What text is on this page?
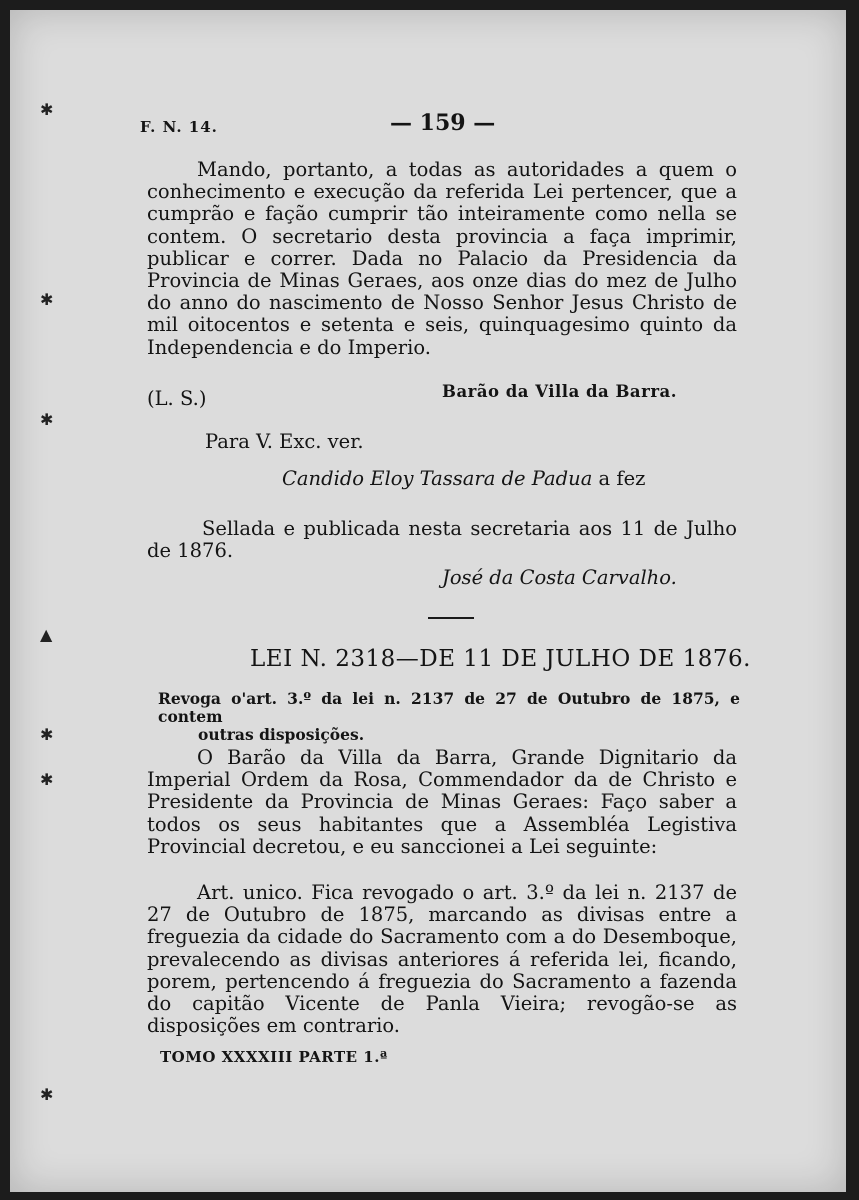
✱
✱
✱
▲
✱
✱
✱
F. N. 14.	— 159 —
Mando, portanto, a todas as autoridades a quem o conhecimento e execução da referida Lei pertencer, que a cumprão e fação cumprir tão inteiramente como nella se contem. O secretario desta provincia a faça imprimir, publicar e correr. Dada no Palacio da Presidencia da Provincia de Minas Geraes, aos onze dias do mez de Julho do anno do nascimento de Nosso Senhor Jesus Christo de mil oitocentos e setenta e seis, quinquagesimo quinto da Independencia e do Imperio.
(L. S.)	Barão da Villa da Barra.
Para V. Exc. ver.
Candido Eloy Tassara de Padua a fez
Sellada e publicada nesta secretaria aos 11 de Julho de 1876.
José da Costa Carvalho.
LEI N. 2318—DE 11 DE JULHO DE 1876.
Revoga o'art. 3.º da lei n. 2137 de 27 de Outubro de 1875, e contem
outras disposições.
O Barão da Villa da Barra, Grande Dignitario da Imperial Ordem da Rosa, Commendador da de Christo e Presidente da Provincia de Minas Geraes: Faço saber a todos os seus habitantes que a Assembléa Legistiva Provincial decretou, e eu sanccionei a Lei seguinte:
Art. unico. Fica revogado o art. 3.º da lei n. 2137 de 27 de Outubro de 1875, marcando as divisas entre a freguezia da cidade do Sacramento com a do Desemboque, prevalecendo as divisas anteriores á referida lei, ficando, porem, pertencendo á freguezia do Sacramento a fazenda do capitão Vicente de Panla Vieira; revogão-se as disposições em contrario.
TOMO XXXXIII PARTE 1.ª
